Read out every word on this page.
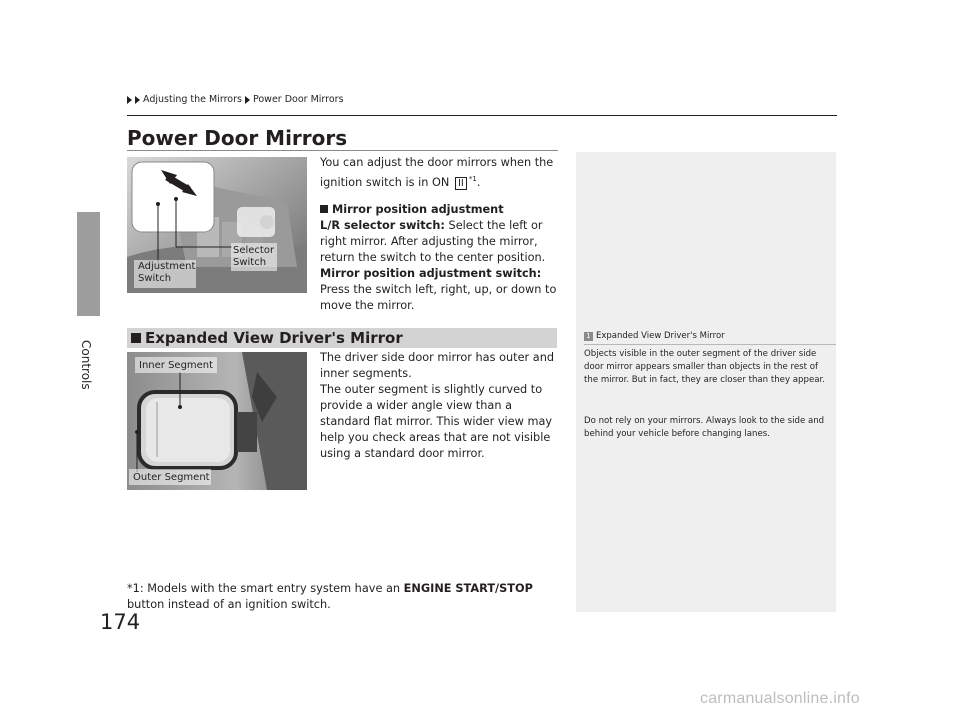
Controls
174
Adjusting the Mirrors Power Door Mirrors
Power Door Mirrors
Adjustment
Switch
Selector
Switch
You can adjust the door mirrors when the ignition switch is in ON II $^{*1}$.
Mirror position adjustment
L/R selector switch: Select the left or right mirror. After adjusting the mirror, return the switch to the center position.
Mirror position adjustment switch: Press the switch left, right, up, or down to move the mirror.
Expanded View Driver's Mirror
Inner Segment
Outer Segment
The driver side door mirror has outer and inner segments.
The outer segment is slightly curved to provide a wider angle view than a standard flat mirror. This wider view may help you check areas that are not visible using a standard door mirror.
1 Expanded View Driver's Mirror
Objects visible in the outer segment of the driver side door mirror appears smaller than objects in the rest of the mirror. But in fact, they are closer than they appear.
Do not rely on your mirrors. Always look to the side and behind your vehicle before changing lanes.
*1: Models with the smart entry system have an ENGINE START/STOP button instead of an ignition switch.
carmanualsonline.info
